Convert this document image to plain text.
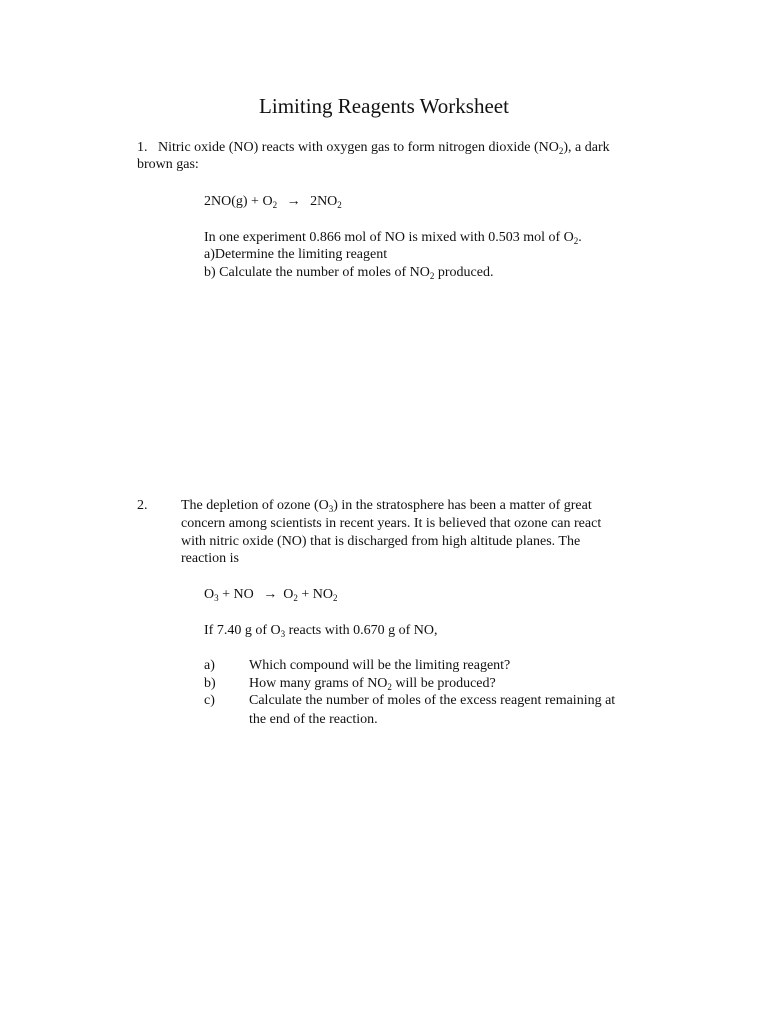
Limiting Reagents Worksheet
1. Nitric oxide (NO) reacts with oxygen gas to form nitrogen dioxide $(NO_2)$, a dark
brown gas:
$2NO(g) + O_2 \to 2NO_2$
In one experiment 0.866 mol of NO is mixed with 0.503 mol of $O_2$.
a)Determine the limiting reagent
b) Calculate the number of moles of $NO_2$ produced.
2. The depletion of ozone $(O_3)$ in the stratosphere has been a matter of great
concern among scientists in recent years. It is believed that ozone can react
with nitric oxide (NO) that is discharged from high altitude planes. The
reaction is
$O_3$ + NO → $O_2 + NO_2$
If 7.40 g of $O_3$ reacts with 0.670 g of NO,
a) Which compound will be the limiting reagent?
b) How many grams of $NO_2$ will be produced?
c) Calculate the number of moles of the excess reagent remaining at
the end of the reaction.
